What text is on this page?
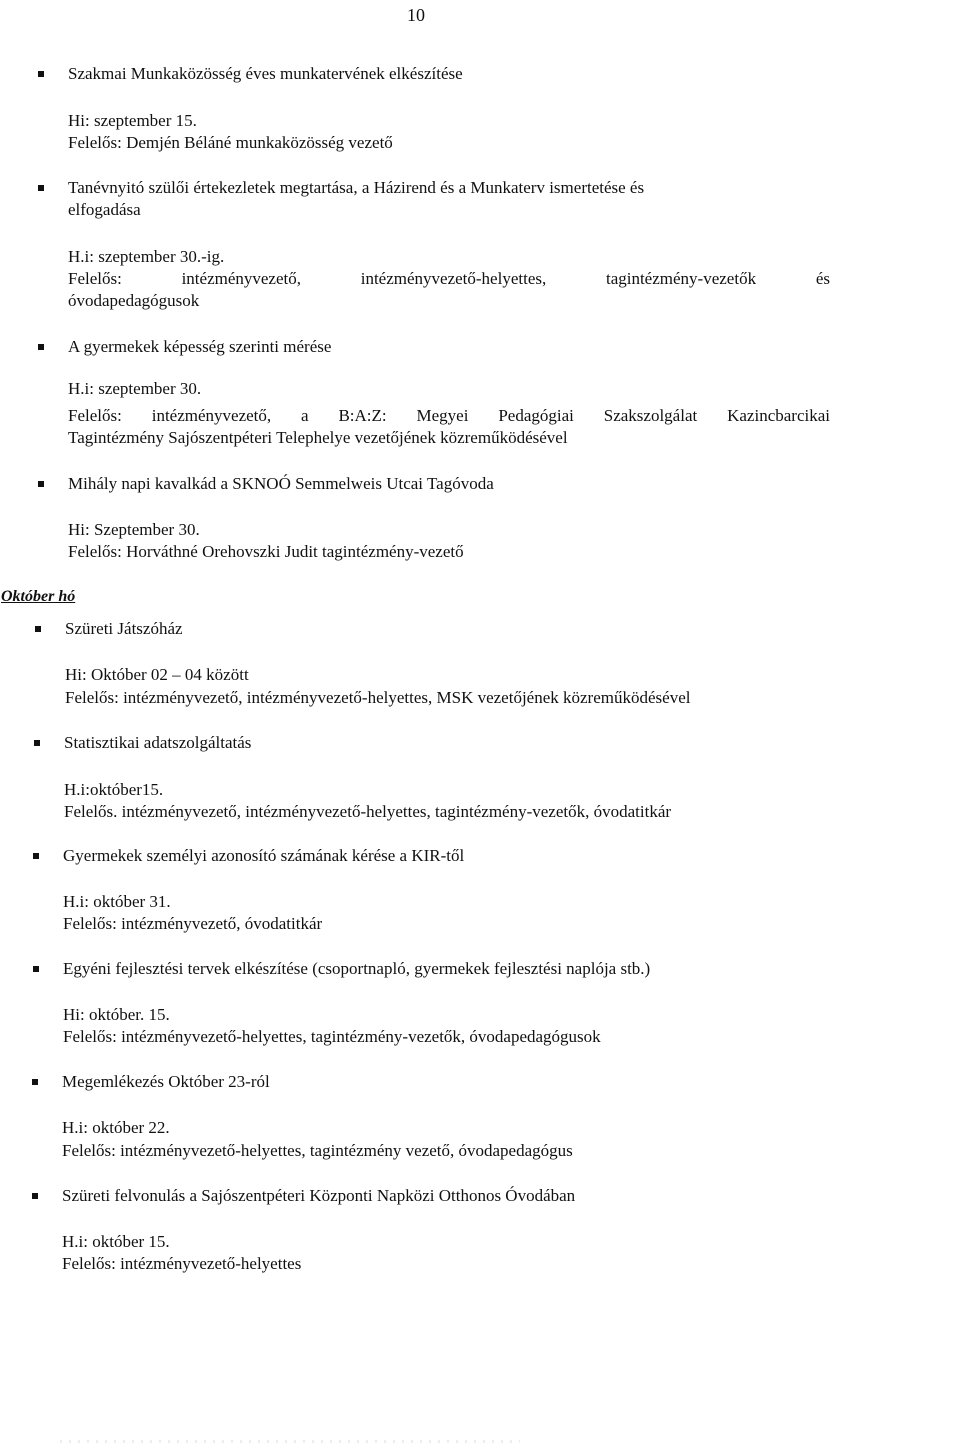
10
Szakmai Munkaközösség éves munkatervének elkészítése
Hi: szeptember 15.
Felelős: Demjén Béláné munkaközösség vezető
Tanévnyitó szülői értekezletek megtartása, a Házirend és a Munkaterv ismertetése és
elfogadása
H.i: szeptember 30.-ig.
Felelős:	intézményvezető,	intézményvezető-helyettes,	tagintézmény-vezetők	és
óvodapedagógusok
A gyermekek képesség szerinti mérése
H.i: szeptember 30.
Felelős: intézményvezető, a B:A:Z: Megyei Pedagógiai Szakszolgálat Kazincbarcikai
Tagintézmény Sajószentpéteri Telephelye vezetőjének közreműködésével
Mihály napi kavalkád a SKNOÓ Semmelweis Utcai Tagóvoda
Hi: Szeptember 30.
Felelős: Horváthné Orehovszki Judit tagintézmény-vezető
Október hó
Szüreti Játszóház
Hi: Október 02 – 04 között
Felelős: intézményvezető, intézményvezető-helyettes, MSK vezetőjének közreműködésével
Statisztikai adatszolgáltatás
H.i:október15.
Felelős. intézményvezető, intézményvezető-helyettes, tagintézmény-vezetők, óvodatitkár
Gyermekek személyi azonosító számának kérése a KIR-től
H.i: október 31.
Felelős: intézményvezető, óvodatitkár
Egyéni fejlesztési tervek elkészítése (csoportnapló, gyermekek fejlesztési naplója stb.)
Hi: október. 15.
Felelős: intézményvezető-helyettes, tagintézmény-vezetők, óvodapedagógusok
Megemlékezés Október 23-ról
H.i: október 22.
Felelős: intézményvezető-helyettes, tagintézmény vezető, óvodapedagógus
Szüreti felvonulás a Sajószentpéteri Központi Napközi Otthonos Óvodában
H.i: október 15.
Felelős: intézményvezető-helyettes
